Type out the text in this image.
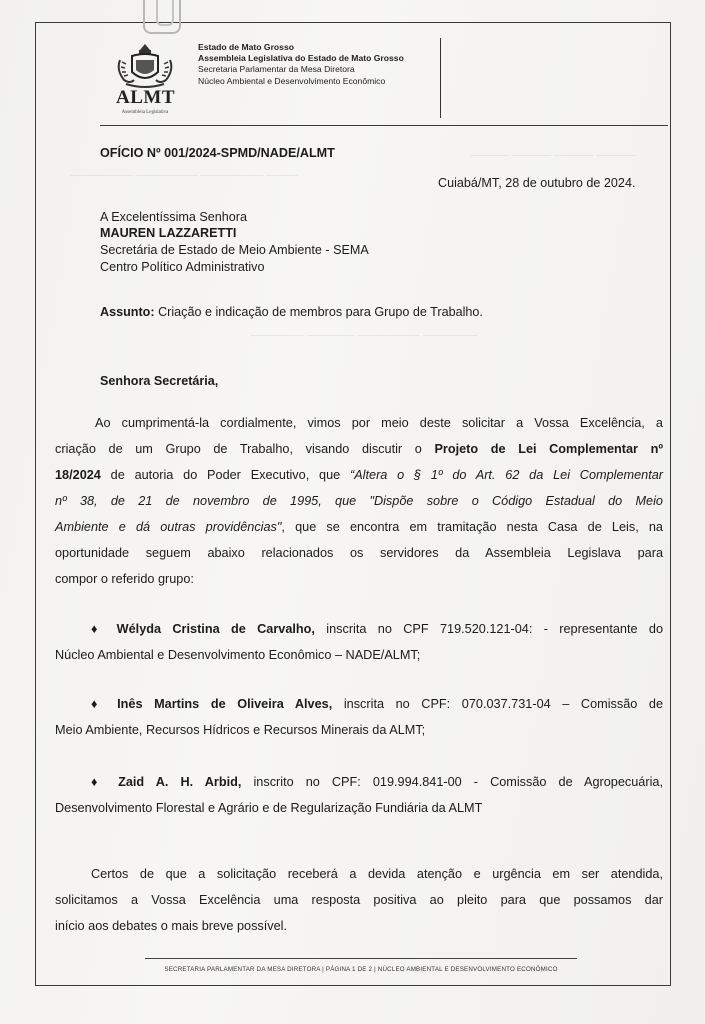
───── ───── ───── ─────
──────── ──────── ──────── ────
─────── ────── ──────── ───────
ALMT
Assembleia Legislativa
Estado de Mato Grosso
Assembleia Legislativa do Estado de Mato Grosso
Secretaria Parlamentar da Mesa Diretora
Núcleo Ambiental e Desenvolvimento Econômico
OFÍCIO Nº 001/2024-SPMD/NADE/ALMT
Cuiabá/MT, 28 de outubro de 2024.
A Excelentíssima Senhora
MAUREN LAZZARETTI
Secretária de Estado de Meio Ambiente - SEMA
Centro Político Administrativo
Assunto: Criação e indicação de membros para Grupo de Trabalho.
Senhora Secretária,
Ao cumprimentá-la cordialmente, vimos por meio deste solicitar a Vossa Excelência, a
criação de um Grupo de Trabalho, visando discutir o Projeto de Lei Complementar nº
18/2024 de autoria do Poder Executivo, que “Altera o § 1º do Art. 62 da Lei Complementar
nº 38, de 21 de novembro de 1995, que "Dispõe sobre o Código Estadual do Meio
Ambiente e dá outras providências", que se encontra em tramitação nesta Casa de Leis, na
oportunidade seguem abaixo relacionados os servidores da Assembleia Legislava para
compor o referido grupo:
♦ Wélyda Cristina de Carvalho, inscrita no CPF 719.520.121-04: - representante do
Núcleo Ambiental e Desenvolvimento Econômico – NADE/ALMT;
♦ Inês Martins de Oliveira Alves, inscrita no CPF: 070.037.731-04 – Comissão de
Meio Ambiente, Recursos Hídricos e Recursos Minerais da ALMT;
♦ Zaid A. H. Arbid, inscrito no CPF: 019.994.841-00 - Comissão de Agropecuária,
Desenvolvimento Florestal e Agrário e de Regularização Fundiária da ALMT
Certos de que a solicitação receberá a devida atenção e urgência em ser atendida,
solicitamos a Vossa Excelência uma resposta positiva ao pleito para que possamos dar
início aos debates o mais breve possível.
SECRETARIA PARLAMENTAR DA MESA DIRETORA | PÁGINA 1 DE 2 | NÚCLEO AMBIENTAL E DESENVOLVIMENTO ECONÔMICO
